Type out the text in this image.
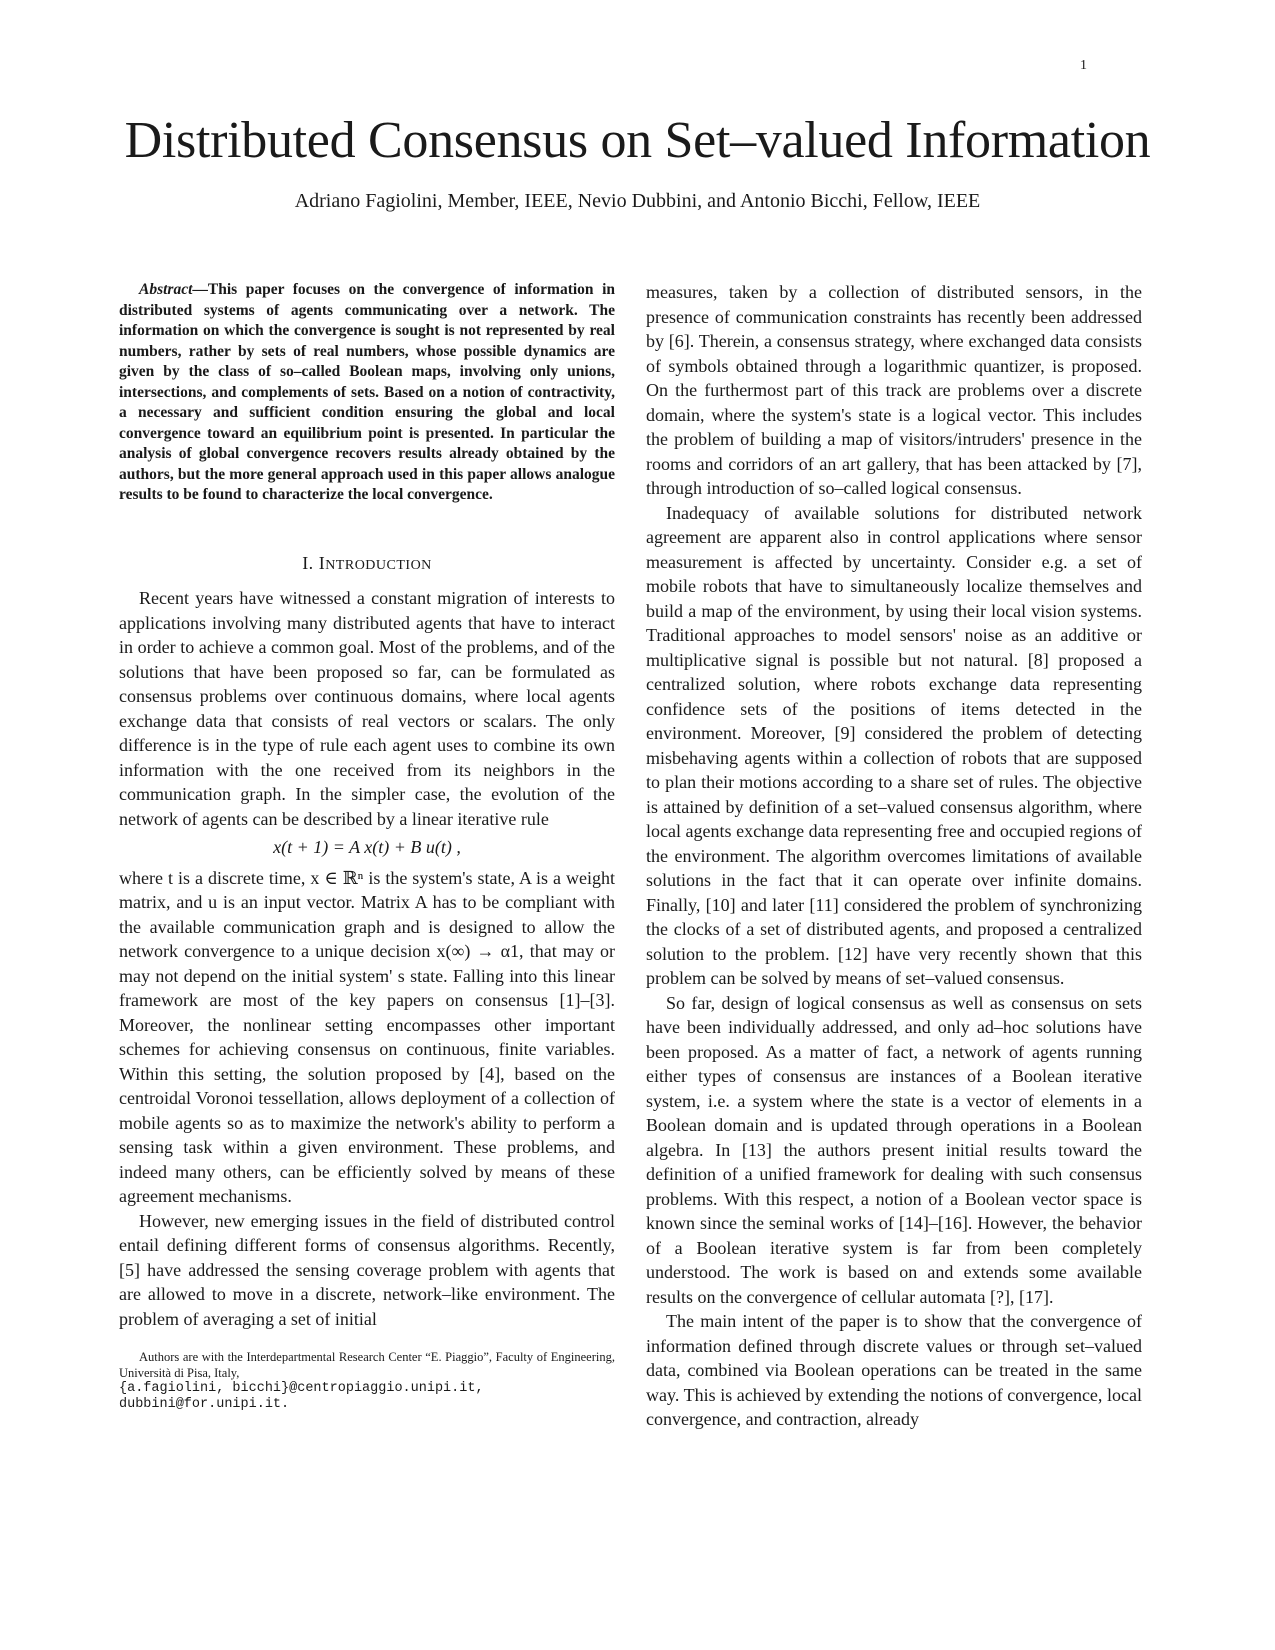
1
Distributed Consensus on Set–valued Information
Adriano Fagiolini, Member, IEEE, Nevio Dubbini, and Antonio Bicchi, Fellow, IEEE

Abstract—This paper focuses on the convergence of information in distributed systems of agents communicating over a network. The information on which the convergence is sought is not represented by real numbers, rather by sets of real numbers, whose possible dynamics are given by the class of so–called Boolean maps, involving only unions, intersections, and complements of sets. Based on a notion of contractivity, a necessary and sufficient condition ensuring the global and local convergence toward an equilibrium point is presented. In particular the analysis of global convergence recovers results already obtained by the authors, but the more general approach used in this paper allows analogue results to be found to characterize the local convergence.

I. INTRODUCTION

Recent years have witnessed a constant migration of interests to applications involving many distributed agents that have to interact in order to achieve a common goal. Most of the problems, and of the solutions that have been proposed so far, can be formulated as consensus problems over continuous domains, where local agents exchange data that consists of real vectors or scalars. The only difference is in the type of rule each agent uses to combine its own information with the one received from its neighbors in the communication graph. In the simpler case, the evolution of the network of agents can be described by a linear iterative rule

x(t + 1) = A x(t) + B u(t) ,

where t is a discrete time, x ∈ ℝⁿ is the system's state, A is a weight matrix, and u is an input vector. Matrix A has to be compliant with the available communication graph and is designed to allow the network convergence to a unique decision x(∞) → α1, that may or may not depend on the initial system' s state. Falling into this linear framework are most of the key papers on consensus [1]–[3]. Moreover, the nonlinear setting encompasses other important schemes for achieving consensus on continuous, finite variables. Within this setting, the solution proposed by [4], based on the centroidal Voronoi tessellation, allows deployment of a collection of mobile agents so as to maximize the network's ability to perform a sensing task within a given environment. These problems, and indeed many others, can be efficiently solved by means of these agreement mechanisms.

However, new emerging issues in the field of distributed control entail defining different forms of consensus algorithms. Recently, [5] have addressed the sensing coverage problem with agents that are allowed to move in a discrete, network–like environment. The problem of averaging a set of initial

Authors are with the Interdepartmental Research Center “E. Piaggio”, Faculty of Engineering, Università di Pisa, Italy,

{a.fagiolini, bicchi}@centropiaggio.unipi.it,
dubbini@for.unipi.it.

measures, taken by a collection of distributed sensors, in the presence of communication constraints has recently been addressed by [6]. Therein, a consensus strategy, where exchanged data consists of symbols obtained through a logarithmic quantizer, is proposed. On the furthermost part of this track are problems over a discrete domain, where the system's state is a logical vector. This includes the problem of building a map of visitors/intruders' presence in the rooms and corridors of an art gallery, that has been attacked by [7], through introduction of so–called logical consensus.

Inadequacy of available solutions for distributed network agreement are apparent also in control applications where sensor measurement is affected by uncertainty. Consider e.g. a set of mobile robots that have to simultaneously localize themselves and build a map of the environment, by using their local vision systems. Traditional approaches to model sensors' noise as an additive or multiplicative signal is possible but not natural. [8] proposed a centralized solution, where robots exchange data representing confidence sets of the positions of items detected in the environment. Moreover, [9] considered the problem of detecting misbehaving agents within a collection of robots that are supposed to plan their motions according to a share set of rules. The objective is attained by definition of a set–valued consensus algorithm, where local agents exchange data representing free and occupied regions of the environment. The algorithm overcomes limitations of available solutions in the fact that it can operate over infinite domains. Finally, [10] and later [11] considered the problem of synchronizing the clocks of a set of distributed agents, and proposed a centralized solution to the problem. [12] have very recently shown that this problem can be solved by means of set–valued consensus.

So far, design of logical consensus as well as consensus on sets have been individually addressed, and only ad–hoc solutions have been proposed. As a matter of fact, a network of agents running either types of consensus are instances of a Boolean iterative system, i.e. a system where the state is a vector of elements in a Boolean domain and is updated through operations in a Boolean algebra. In [13] the authors present initial results toward the definition of a unified framework for dealing with such consensus problems. With this respect, a notion of a Boolean vector space is known since the seminal works of [14]–[16]. However, the behavior of a Boolean iterative system is far from been completely understood. The work is based on and extends some available results on the convergence of cellular automata [?], [17].

The main intent of the paper is to show that the convergence of information defined through discrete values or through set–valued data, combined via Boolean operations can be treated in the same way. This is achieved by extending the notions of convergence, local convergence, and contraction, already
